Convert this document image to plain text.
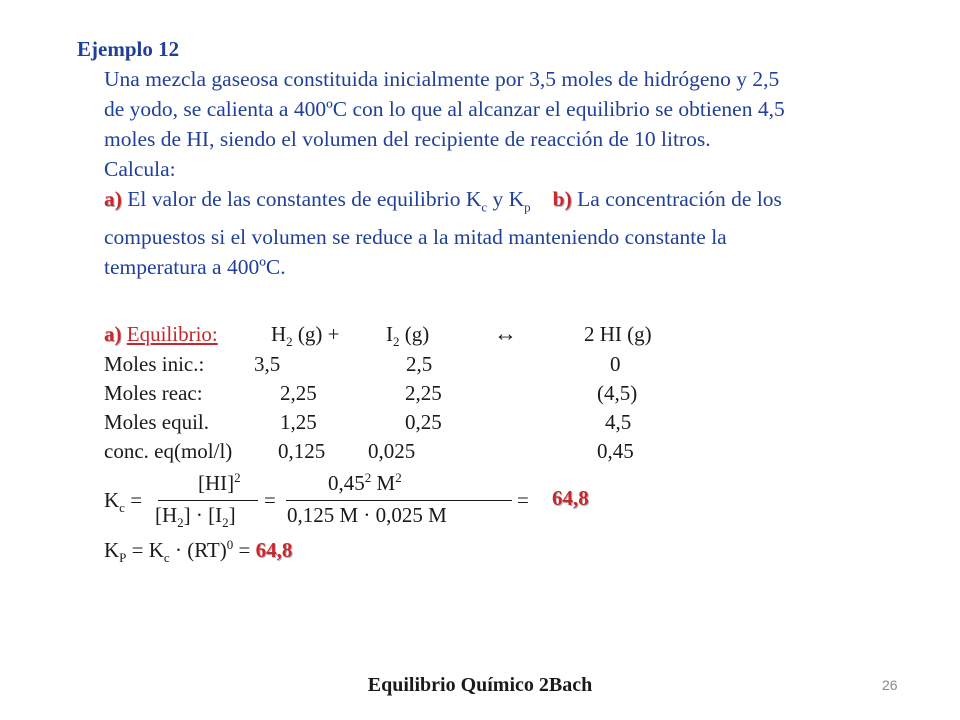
Ejemplo 12
Una mezcla gaseosa constituida inicialmente por 3,5 moles de hidrógeno y 2,5
de yodo, se calienta a 400ºC con lo que al alcanzar el equilibrio se obtienen 4,5
moles de HI, siendo el volumen del recipiente de reacción de 10 litros.
Calcula:
a) El valor de las constantes de equilibrio $K_c$ y $K_p$ b) La concentración de los
compuestos si el volumen se reduce a la mitad manteniendo constante la
temperatura a 400ºC.
a) Equilibrio:	$H_2$ $(g) + I_2$ (g)	↔	2 HI (g)
Moles inic.: 3,5	2,5	0
Moles reac:	2,25	2,25	(4,5)
Moles equil.	1,25	0,25	4,5
conc. eq(mol/l) 0,125 0,025	0,45
$K_c$ =
[HI]$^2$
$[H_2] \cdot [I_2]$
=
$0,45^2$ $M^2$
0,125 M · 0,025 M
= 64,8
$K_P = K_c \cdot (RT)^0 = 64,8$
Equilibrio Químico 2Bach	26
